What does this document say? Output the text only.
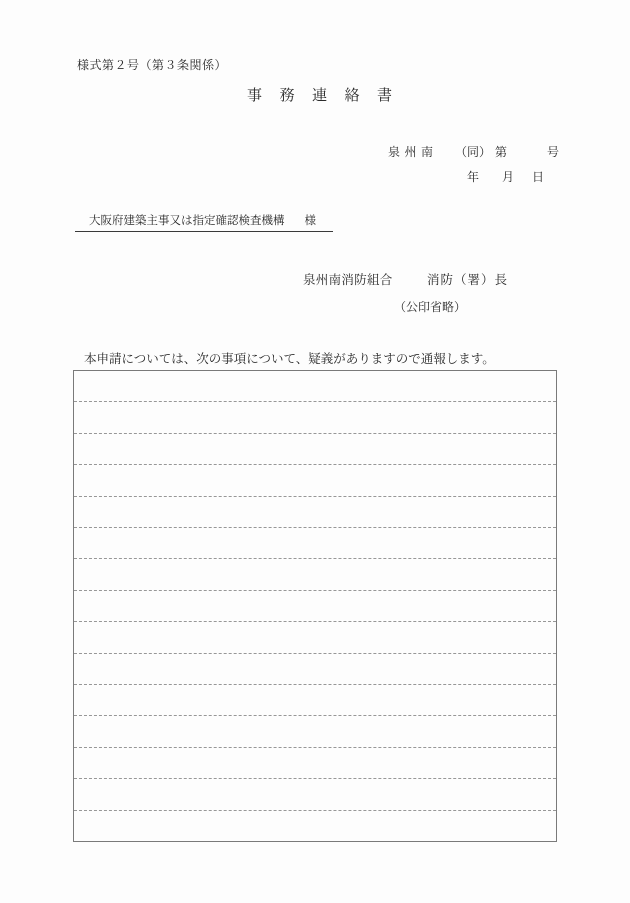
様式第２号（第３条関係）
事務連絡書
泉州南 （同） 第	号
年 月 日
大阪府建築主事又は指定確認検査機構 様
泉州南消防組合	消防（署）長
（公印省略）
本申請については、次の事項について、疑義がありますので通報します。
